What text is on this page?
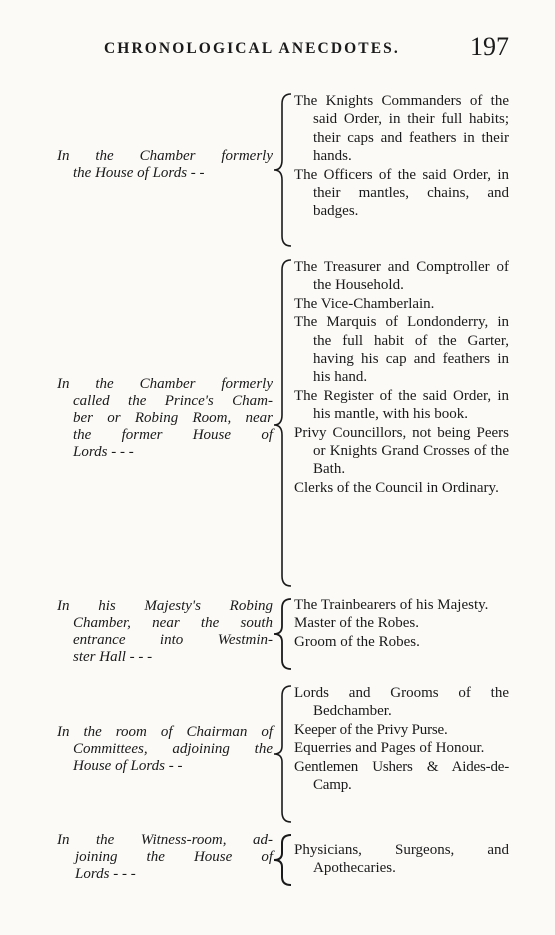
CHRONOLOGICAL ANECDOTES.	197
In the Chamber formerly
the House of Lords - -
The Knights Commanders of the said Order, in their full habits; their caps and feathers in their hands.
The Officers of the said Order, in their mantles, chains, and badges.
In the Chamber formerly
called the Prince's Cham-
ber or Robing Room, near
the former House of
Lords - - -
The Treasurer and Comptroller of the Household.
The Vice-Chamberlain.
The Marquis of Londonderry, in the full habit of the Garter, having his cap and feathers in his hand.
The Register of the said Order, in his mantle, with his book.
Privy Councillors, not being Peers or Knights Grand Crosses of the Bath.
Clerks of the Council in Ordinary.
In his Majesty's Robing
Chamber, near the south
entrance into Westmin-
ster Hall - - -
The Trainbearers of his Majesty.
Master of the Robes.
Groom of the Robes.
In the room of Chairman of
Committees, adjoining the
House of Lords - -
Lords and Grooms of the Bedchamber.
Keeper of the Privy Purse.
Equerries and Pages of Honour.
Gentlemen Ushers & Aides-de-Camp.
In the Witness-room, ad-
joining the House of
Lords - - -
Physicians, Surgeons, and Apothecaries.
